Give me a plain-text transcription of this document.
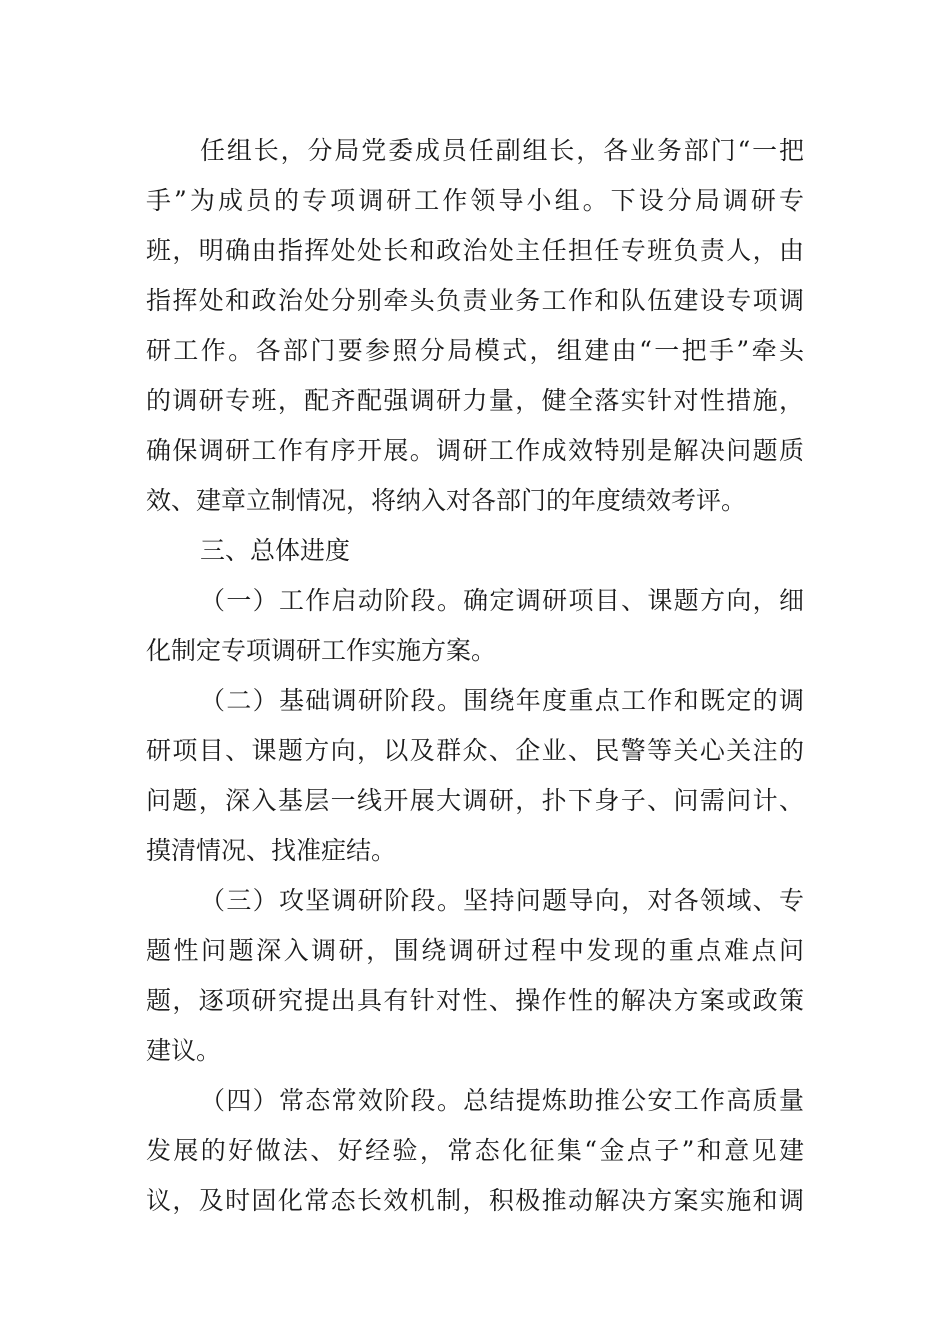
任组长，分局党委成员任副组长，各业务部门“一把
手”为成员的专项调研工作领导小组。下设分局调研专
班，明确由指挥处处长和政治处主任担任专班负责人，由
指挥处和政治处分别牵头负责业务工作和队伍建设专项调
研工作。各部门要参照分局模式，组建由“一把手”牵头
的调研专班，配齐配强调研力量，健全落实针对性措施，
确保调研工作有序开展。调研工作成效特别是解决问题质
效、建章立制情况，将纳入对各部门的年度绩效考评。
三、总体进度
（一）工作启动阶段。确定调研项目、课题方向，细
化制定专项调研工作实施方案。
（二）基础调研阶段。围绕年度重点工作和既定的调
研项目、课题方向，以及群众、企业、民警等关心关注的
问题，深入基层一线开展大调研，扑下身子、问需问计、
摸清情况、找准症结。
（三）攻坚调研阶段。坚持问题导向，对各领域、专
题性问题深入调研，围绕调研过程中发现的重点难点问
题，逐项研究提出具有针对性、操作性的解决方案或政策
建议。
（四）常态常效阶段。总结提炼助推公安工作高质量
发展的好做法、好经验，常态化征集“金点子”和意见建
议，及时固化常态长效机制，积极推动解决方案实施和调
